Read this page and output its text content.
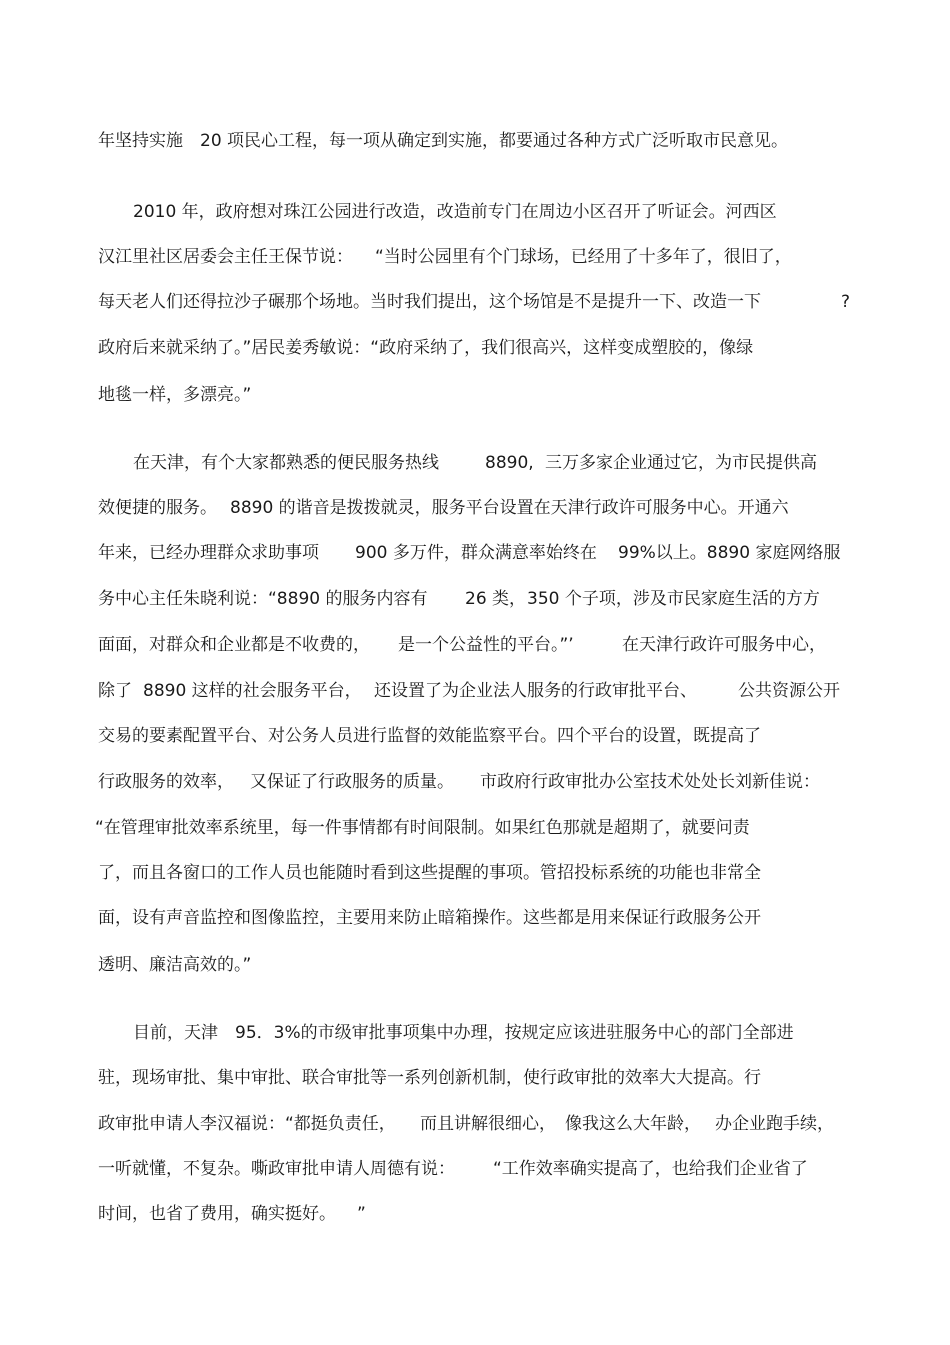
年坚持实施

20 项民心工程，每一项从确定到实施，都要通过各种方式广泛听取市民意见。

2010 年，政府想对珠江公园进行改造，改造前专门在周边小区召开了听证会。河西区

汉江里社区居委会主任王保节说：

“当时公园里有个门球场，已经用了十多年了，很旧了，

每天老人们还得拉沙子碾那个场地。当时我们提出，这个场馆是不是提升一下、改造一下

	?

政府后来就采纳了。”居民姜秀敏说：“政府采纳了，我们很高兴，这样变成塑胶的，像绿

地毯一样，多漂亮。”

在天津，有个大家都熟悉的便民服务热线

	8890,

三万多家企业通过它，为市民提供高

效便捷的服务。

8890 的谐音是拨拨就灵，服务平台设置在天津行政许可服务中心。开通六

年来，已经办理群众求助事项

900 多万件，群众满意率始终在

99%以上。8890 家庭网络服

务中心主任朱晓利说：“8890 的服务内容有

26 类，

350 个子项，涉及市民家庭生活的方方

面面，对群众和企业都是不收费的，

是一个公益性的平台。”’

	在天津行政许可服务中心，

除了

8890 这样的社会服务平台，

还设置了为企业法人服务的行政审批平台、

公共资源公开

交易的要素配置平台、对公务人员进行监督的效能监察平台。四个平台的设置，既提高了

行政服务的效率，

又保证了行政服务的质量。

市政府行政审批办公室技术处处长刘新佳说：

“在管理审批效率系统里，每一件事情都有时间限制。如果红色那就是超期了，就要问责

了，而且各窗口的工作人员也能随时看到这些提醒的事项。管招投标系统的功能也非常全

面，设有声音监控和图像监控，主要用来防止暗箱操作。这些都是用来保证行政服务公开

透明、廉洁高效的。”

目前，天津

95．3%的市级审批事项集中办理，按规定应该进驻服务中心的部门全部进

驻，现场审批、集中审批、联合审批等一系列创新机制，使行政审批的效率大大提高。行

政审批申请人李汉福说：“都挺负责任，

而且讲解很细心，

像我这么大年龄，

办企业跑手续，

一听就懂，不复杂。嘶政审批申请人周德有说：

“工作效率确实提高了，也给我们企业省了

时间，也省了费用，确实挺好。

”
